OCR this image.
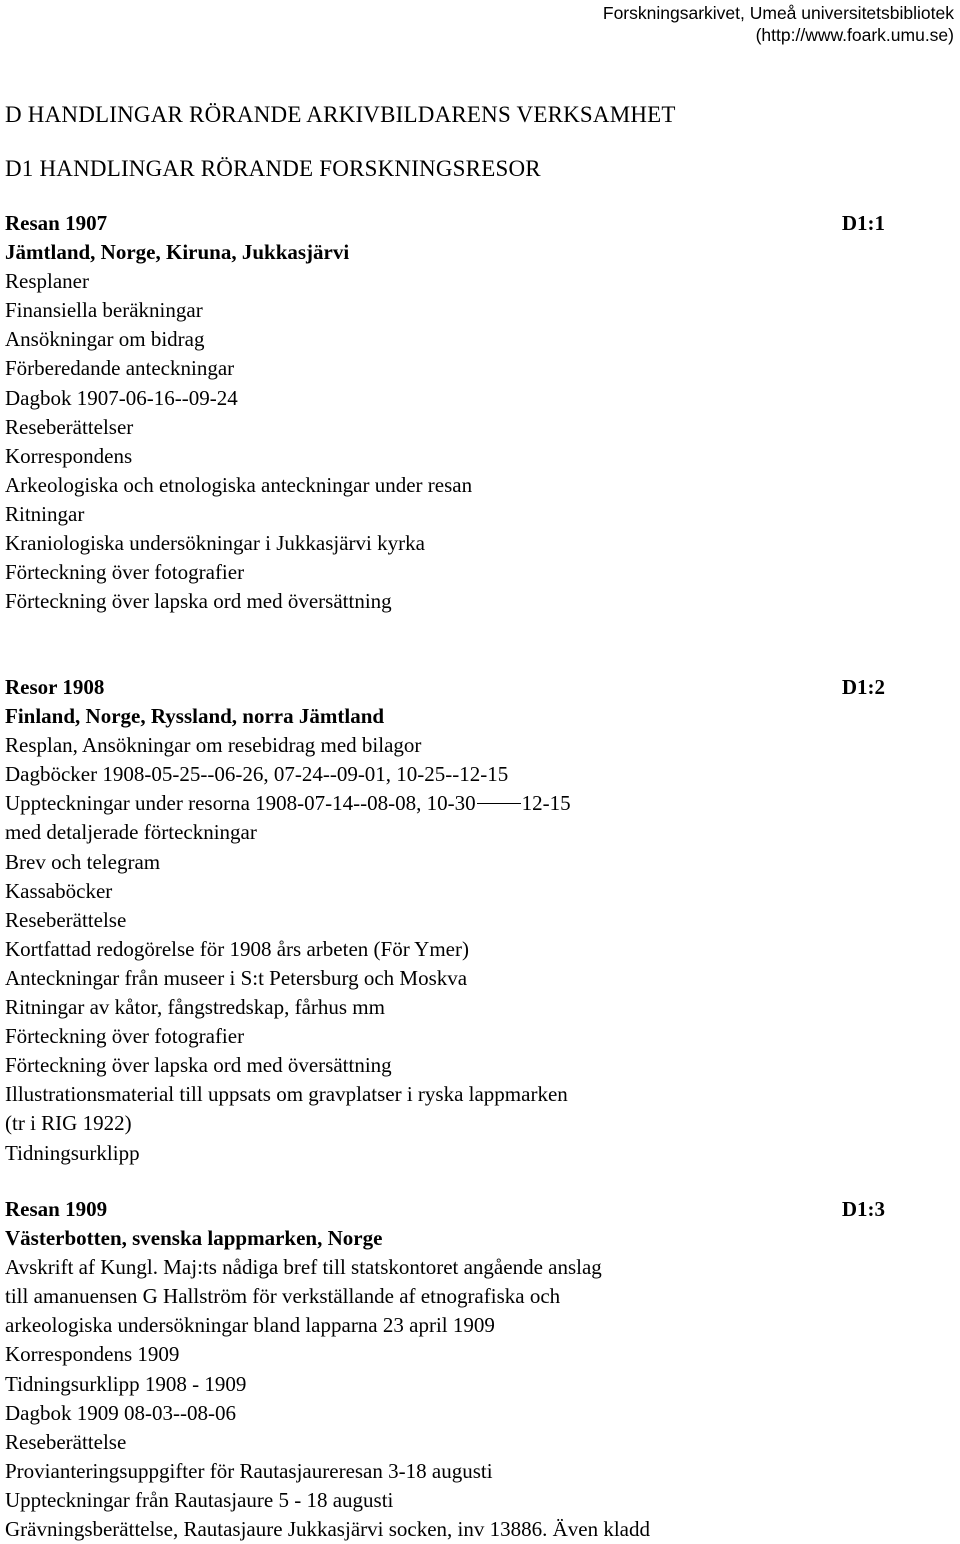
Forskningsarkivet, Umeå universitetsbibliotek
(http://www.foark.umu.se)
D HANDLINGAR RÖRANDE ARKIVBILDARENS VERKSAMHET
D1 HANDLINGAR RÖRANDE FORSKNINGSRESOR
Resan 1907	D1:1
Jämtland, Norge, Kiruna, Jukkasjärvi
Resplaner
Finansiella beräkningar
Ansökningar om bidrag
Förberedande anteckningar
Dagbok 1907-06-16--09-24
Reseberättelser
Korrespondens
Arkeologiska och etnologiska anteckningar under resan
Ritningar
Kraniologiska undersökningar i Jukkasjärvi kyrka
Förteckning över fotografier
Förteckning över lapska ord med översättning
Resor 1908	D1:2
Finland, Norge, Ryssland, norra Jämtland
Resplan, Ansökningar om resebidrag med bilagor
Dagböcker 1908-05-25--06-26, 07-24--09-01, 10-25--12-15
Uppteckningar under resorna 1908-07-14--08-08, 10-30 12-15
med detaljerade förteckningar
Brev och telegram
Kassaböcker
Reseberättelse
Kortfattad redogörelse för 1908 års arbeten (För Ymer)
Anteckningar från museer i S:t Petersburg och Moskva
Ritningar av kåtor, fångstredskap, fårhus mm
Förteckning över fotografier
Förteckning över lapska ord med översättning
Illustrationsmaterial till uppsats om gravplatser i ryska lappmarken
(tr i RIG 1922)
Tidningsurklipp
Resan 1909	D1:3
Västerbotten, svenska lappmarken, Norge
Avskrift af Kungl. Maj:ts nådiga bref till statskontoret angående anslag
till amanuensen G Hallström för verkställande af etnografiska och
arkeologiska undersökningar bland lapparna 23 april 1909
Korrespondens 1909
Tidningsurklipp 1908 - 1909
Dagbok 1909 08-03--08-06
Reseberättelse
Provianteringsuppgifter för Rautasjaureresan 3-18 augusti
Uppteckningar från Rautasjaure 5 - 18 augusti
Grävningsberättelse, Rautasjaure Jukkasjärvi socken, inv 13886. Även kladd
